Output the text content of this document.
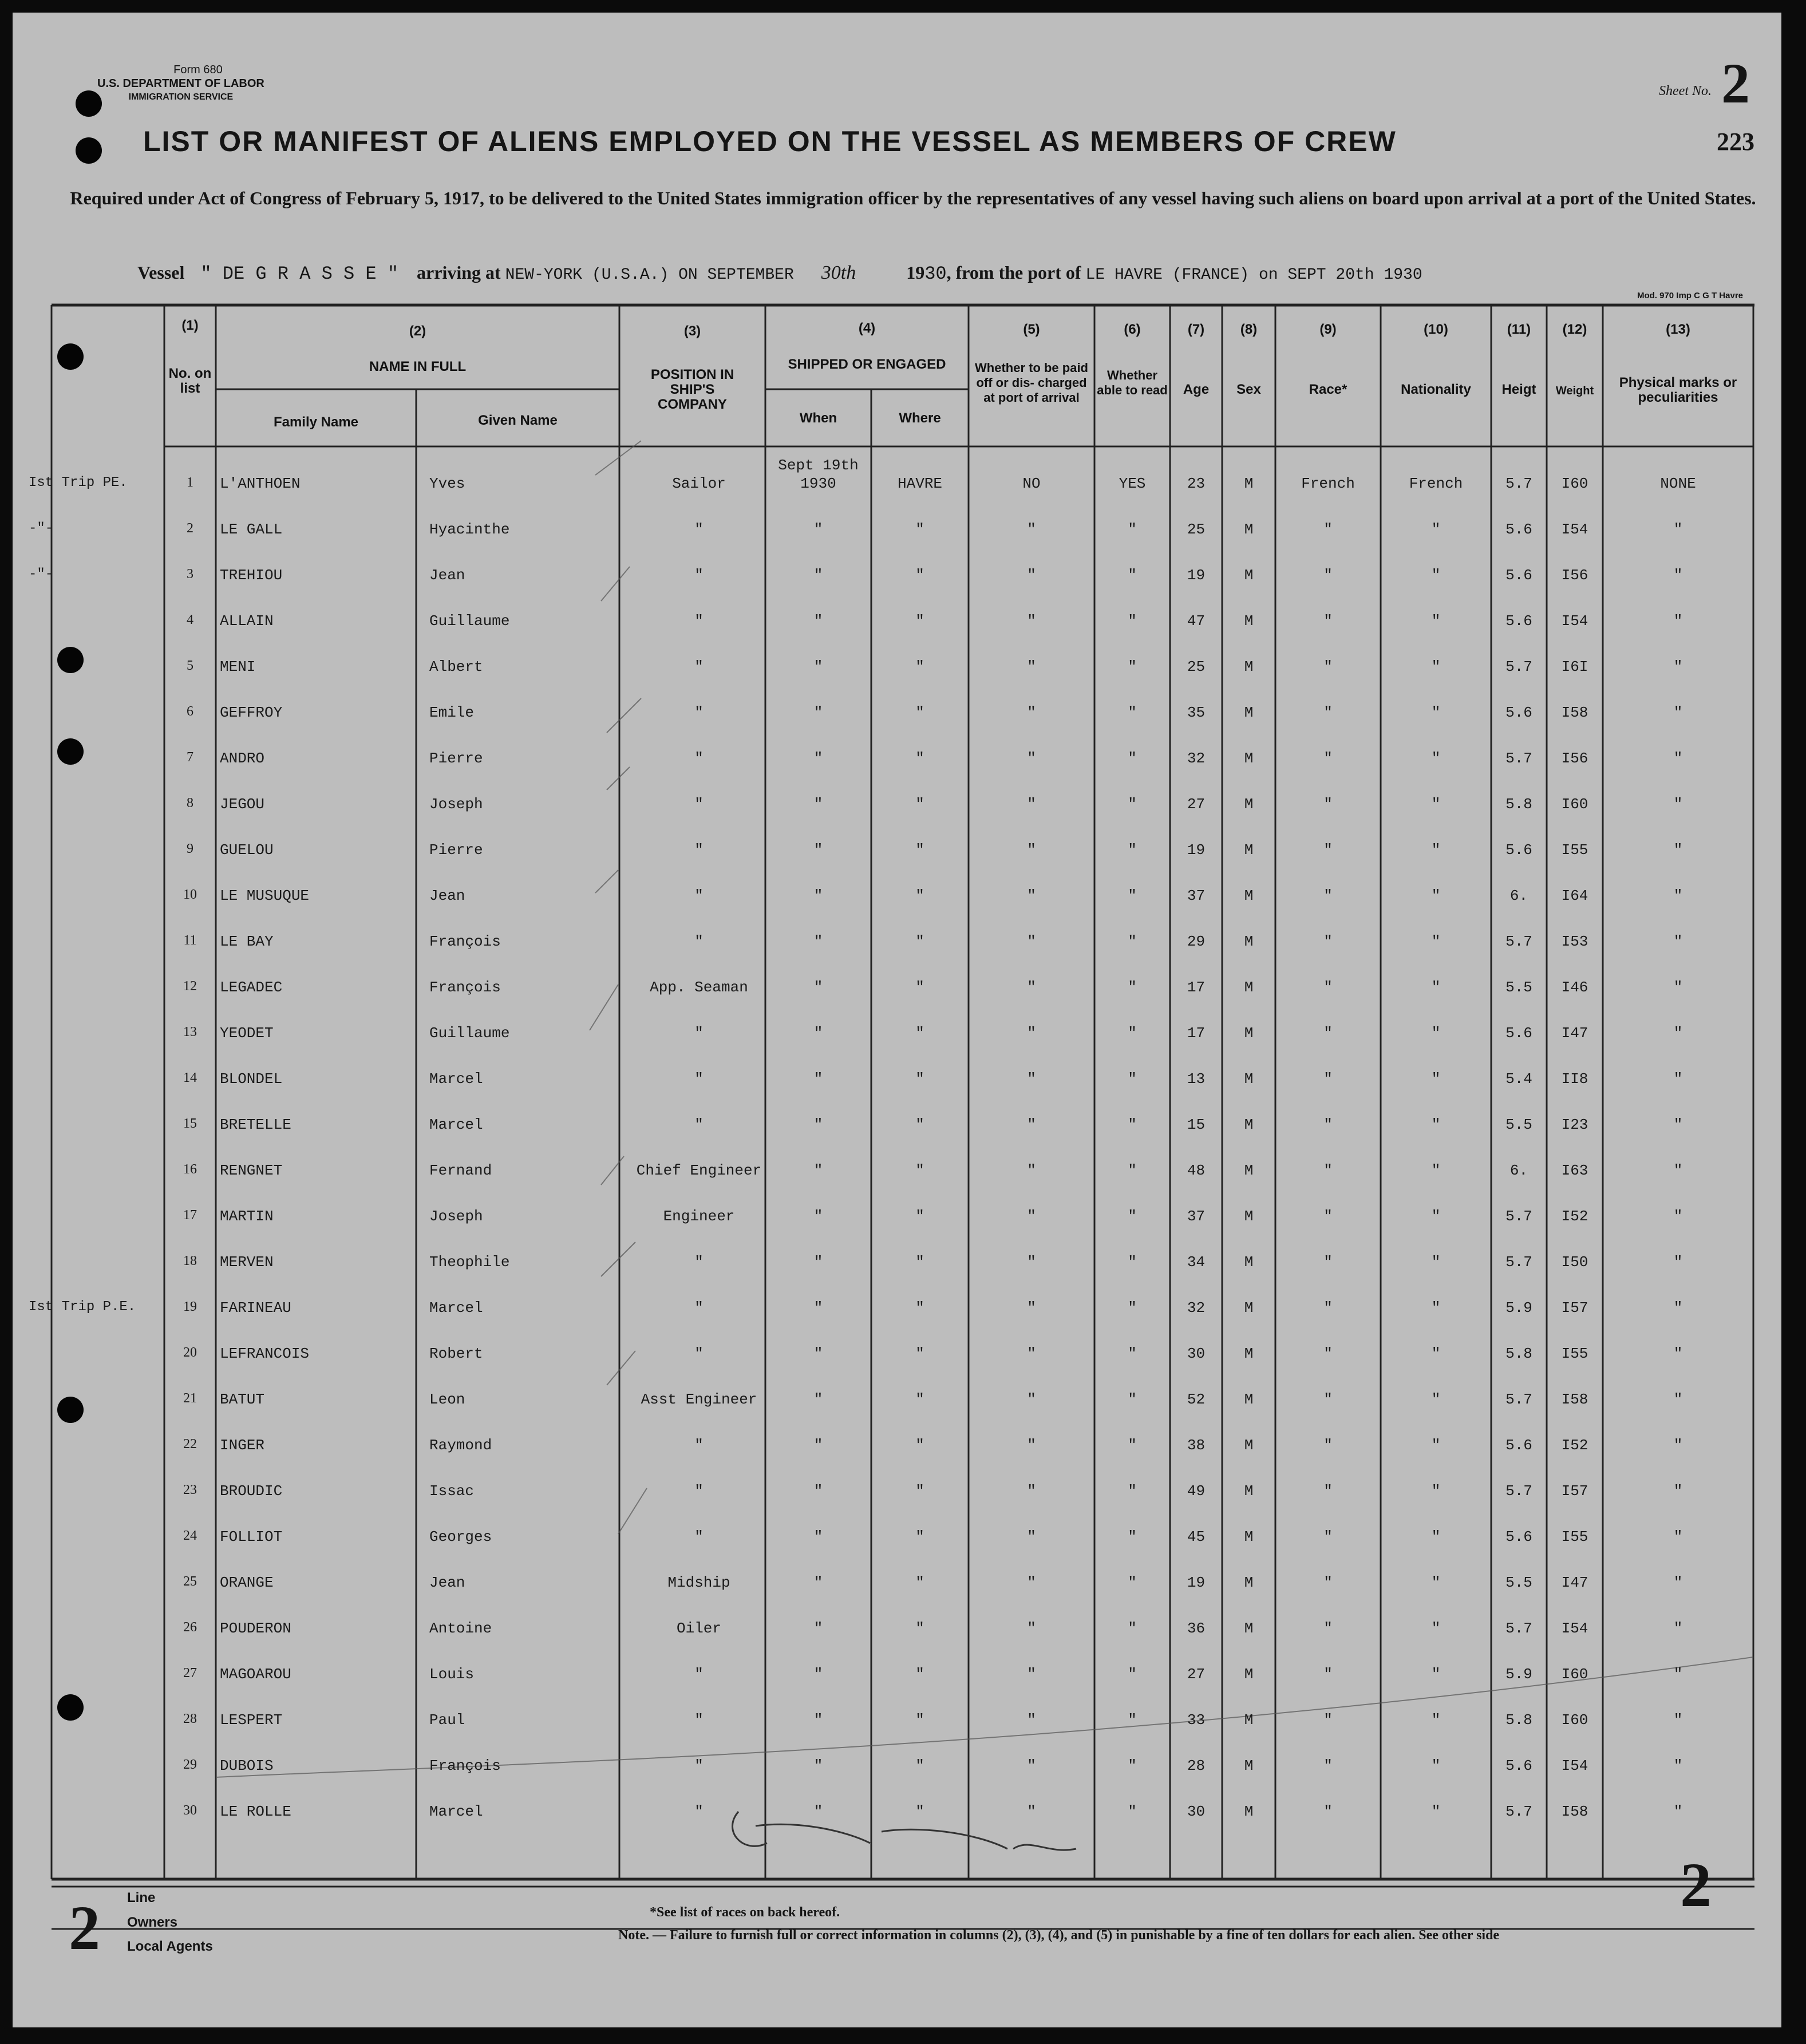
Form 680
U.S. DEPARTMENT OF LABOR
IMMIGRATION SERVICE	Sheet No. 2
LIST OR MANIFEST OF ALIENS EMPLOYED ON THE VESSEL AS MEMBERS OF CREW	223
Required under Act of Congress of February 5, 1917, to be delivered to the United States immigration officer by the representatives of any vessel having such aliens on board upon arrival at a port of the United States.
Vessel " DE G R A S S E " arriving at NEW-YORK (U.S.A.) ON SEPTEMBER 30th	1930, from the port of LE HAVRE (FRANCE) on SEPT 20th 1930
Mod. 970 Imp C G T Havre
(1)
No. on list
(2)
NAME IN FULL
Family Name	Given Name
(3)
POSITION IN SHIP'S COMPANY
(4)
SHIPPED OR ENGAGED
When	Where
(5)
Whether to be paid off or dis- charged at port of arrival
(6)
Whether able to read
(7)
Age
(8)
Sex
(9)
Race*
(10)
Nationality
(11)
Heigt
(12)
Weight
(13)
Physical marks or peculiarities
Sept 19th
Ist Trip PE.	1	L'ANTHOEN	Yves	Sailor	1930	HAVRE	NO	YES	23	M	French	French	5.7	I60	NONE
-"-	2	LE GALL	Hyacinthe	"	"	"	"	"	25	M	"	"	5.6	I54	"
-"-	3	TREHIOU	Jean	"	"	"	"	"	19	M	"	"	5.6	I56	"
4	ALLAIN	Guillaume	"	"	"	"	"	47	M	"	"	5.6	I54	"
5	MENI	Albert	"	"	"	"	"	25	M	"	"	5.7	I6I	"
6	GEFFROY	Emile	"	"	"	"	"	35	M	"	"	5.6	I58	"
7	ANDRO	Pierre	"	"	"	"	"	32	M	"	"	5.7	I56	"
8	JEGOU	Joseph	"	"	"	"	"	27	M	"	"	5.8	I60	"
9	GUELOU	Pierre	"	"	"	"	"	19	M	"	"	5.6	I55	"
10	LE MUSUQUE	Jean	"	"	"	"	"	37	M	"	"	6.	I64	"
11	LE BAY	François	"	"	"	"	"	29	M	"	"	5.7	I53	"
12	LEGADEC	François	App. Seaman	"	"	"	"	17	M	"	"	5.5	I46	"
13	YEODET	Guillaume	"	"	"	"	"	17	M	"	"	5.6	I47	"
14	BLONDEL	Marcel	"	"	"	"	"	13	M	"	"	5.4	II8	"
15	BRETELLE	Marcel	"	"	"	"	"	15	M	"	"	5.5	I23	"
16	RENGNET	Fernand	Chief Engineer	"	"	"	"	48	M	"	"	6.	I63	"
17	MARTIN	Joseph	Engineer	"	"	"	"	37	M	"	"	5.7	I52	"
18	MERVEN	Theophile	"	"	"	"	"	34	M	"	"	5.7	I50	"
Ist Trip P.E.	19	FARINEAU	Marcel	"	"	"	"	"	32	M	"	"	5.9	I57	"
20	LEFRANCOIS	Robert	"	"	"	"	"	30	M	"	"	5.8	I55	"
21	BATUT	Leon	Asst Engineer	"	"	"	"	52	M	"	"	5.7	I58	"
22	INGER	Raymond	"	"	"	"	"	38	M	"	"	5.6	I52	"
23	BROUDIC	Issac	"	"	"	"	"	49	M	"	"	5.7	I57	"
24	FOLLIOT	Georges	"	"	"	"	"	45	M	"	"	5.6	I55	"
25	ORANGE	Jean	Midship	"	"	"	"	19	M	"	"	5.5	I47	"
26	POUDERON	Antoine	Oiler	"	"	"	"	36	M	"	"	5.7	I54	"
27	MAGOAROU	Louis	"	"	"	"	"	27	M	"	"	5.9	I60	"
28	LESPERT	Paul	"	"	"	"	"	33	M	"	"	5.8	I60	"
29	DUBOIS	François	"	"	"	"	"	28	M	"	"	5.6	I54	"
30	LE ROLLE	Marcel	"	"	"	"	"	30	M	"	"	5.7	I58	"
2
2
Line
Owners
Local Agents
*See list of races on back hereof.
Note. — Failure to furnish full or correct information in columns (2), (3), (4), and (5) in punishable by a fine of ten dollars for each alien. See other side
